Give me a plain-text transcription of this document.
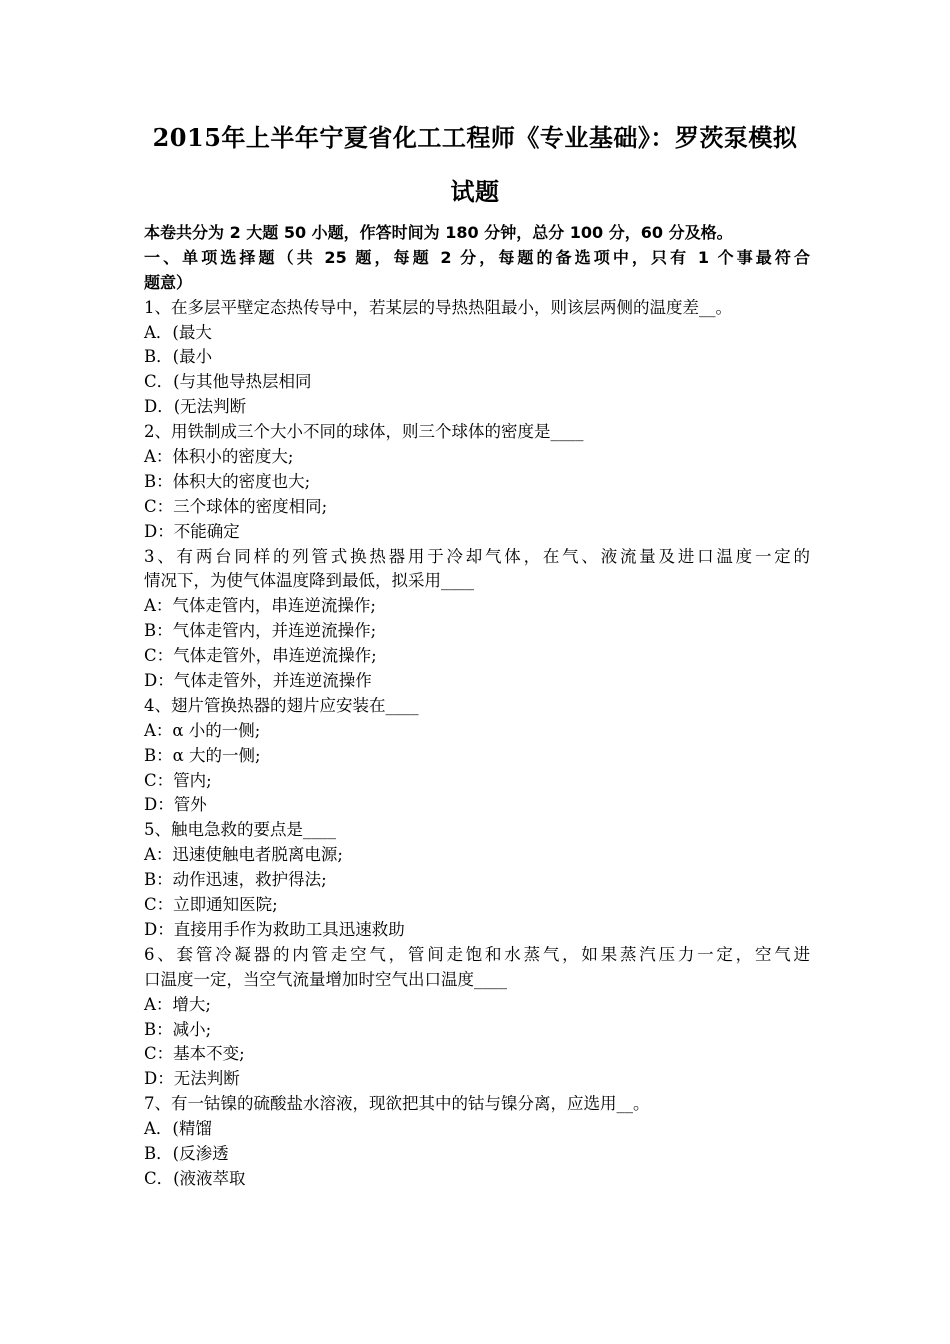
2015年上半年宁夏省化工工程师《专业基础》：罗茨泵模拟
试题
本卷共分为 2 大题 50 小题，作答时间为 180 分钟，总分 100 分，60 分及格。
一、单项选择题（共 25 题，每题 2 分，每题的备选项中，只有 1 个事最符合
题意）
1、在多层平壁定态热传导中，若某层的导热热阻最小，则该层两侧的温度差__。
A．(最大
B．(最小
C．(与其他导热层相同
D．(无法判断
2、用铁制成三个大小不同的球体，则三个球体的密度是____
A：体积小的密度大;
B：体积大的密度也大;
C：三个球体的密度相同;
D：不能确定
3、有两台同样的列管式换热器用于冷却气体，在气、液流量及进口温度一定的
情况下，为使气体温度降到最低，拟采用____
A：气体走管内，串连逆流操作;
B：气体走管内，并连逆流操作;
C：气体走管外，串连逆流操作;
D：气体走管外，并连逆流操作
4、翅片管换热器的翅片应安装在____
A：α 小的一侧;
B：α 大的一侧;
C：管内;
D：管外
5、触电急救的要点是____
A：迅速使触电者脱离电源;
B：动作迅速，救护得法;
C：立即通知医院;
D：直接用手作为救助工具迅速救助
6、套管冷凝器的内管走空气，管间走饱和水蒸气，如果蒸汽压力一定，空气进
口温度一定，当空气流量增加时空气出口温度____
A：增大;
B：减小;
C：基本不变;
D：无法判断
7、有一钴镍的硫酸盐水溶液，现欲把其中的钴与镍分离，应选用__。
A．(精馏
B．(反渗透
C．(液液萃取
